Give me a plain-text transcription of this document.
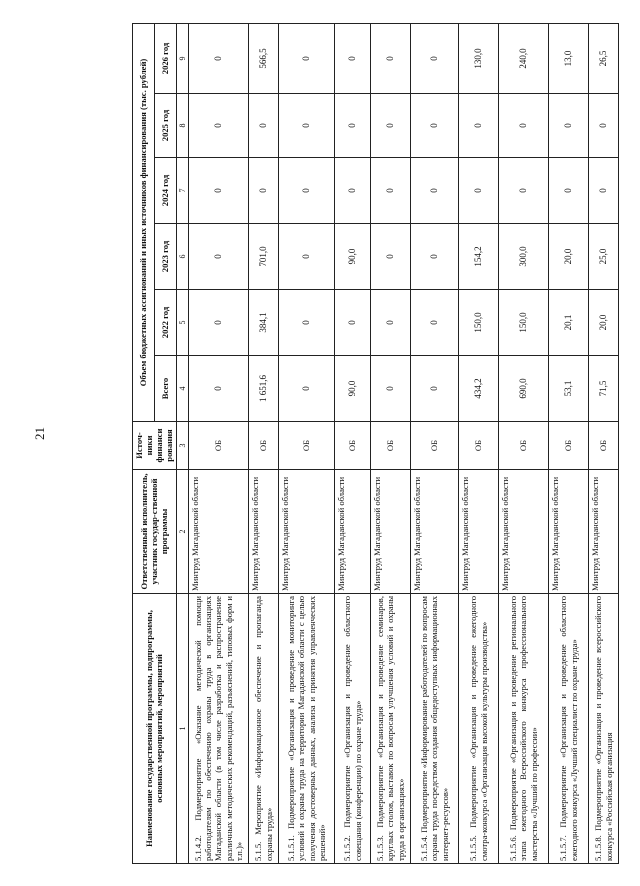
21
Наименование государственной программы, подпрограммы, основных мероприятий, мероприятий	Ответственный исполнитель, участник государ-ственной программы	Источ-ники финанси рования	Объем бюджетных ассигнований и иных источников финансирования (тыс. рублей)					
			Всего	2022 год	2023 год	2024 год	2025 год	2026 год
1	2	3	4	5	6	7	8	9
5.1.4.2. Подмероприятие «Оказание методической помощи работодателям по обеспечению охраны труда в организациях Магаданской области (в том числе разработка и распространение различных методических рекомендаций, разъяснений, типовых форм и т.п.)»	Минтруд Магаданской области	ОБ	0	0	0	0	0	0
5.1.5. Мероприятие «Информационное обеспечение и пропаганда охраны труда»	Минтруд Магаданской области	ОБ	1 651,6	384,1	701,0	0	0	566,5
5.1.5.1. Подмероприятие «Организация и проведение мониторинга условий и охраны труда на территории Магаданской области с целью получения достоверных данных, анализа и принятия управленческих решений»	Минтруд Магаданской области	ОБ	0	0	0	0	0	0
5.1.5.2. Подмероприятие «Организация и проведение областного совещания (конференции) по охране труда»	Минтруд Магаданской области	ОБ	90,0	0	90,0	0	0	0
5.1.5.3. Подмероприятие «Организация и проведение семинаров, круглых столов, выставок по вопросам улучшения условий и охраны труда в организациях»	Минтруд Магаданской области	ОБ	0	0	0	0	0	0
5.1.5.4. Подмероприятие «Информирование работодателей по вопросам охраны труда посредством создания общедоступных информационных интернет-ресурсов»	Минтруд Магаданской области	ОБ	0	0	0	0	0	0
5.1.5.5. Подмероприятие «Организация и проведение ежегодного смотра-конкурса «Организация высокой культуры производства»	Минтруд Магаданской области	ОБ	434,2	150,0	154,2	0	0	130,0
5.1.5.6. Подмероприятие «Организация и проведение регионального этапа ежегодного Всероссийского конкурса профессионального мастерства «Лучший по профессии»	Минтруд Магаданской области	ОБ	690,0	150,0	300,0	0	0	240,0
5.1.5.7. Подмероприятие «Организация и проведение областного ежегодного конкурса «Лучший специалист по охране труда»	Минтруд Магаданской области	ОБ	53,1	20,1	20,0	0	0	13,0
5.1.5.8. Подмероприятие «Организация и проведение всероссийского конкурса «Российская организация	Минтруд Магаданской области	ОБ	71,5	20,0	25,0	0	0	26,5
